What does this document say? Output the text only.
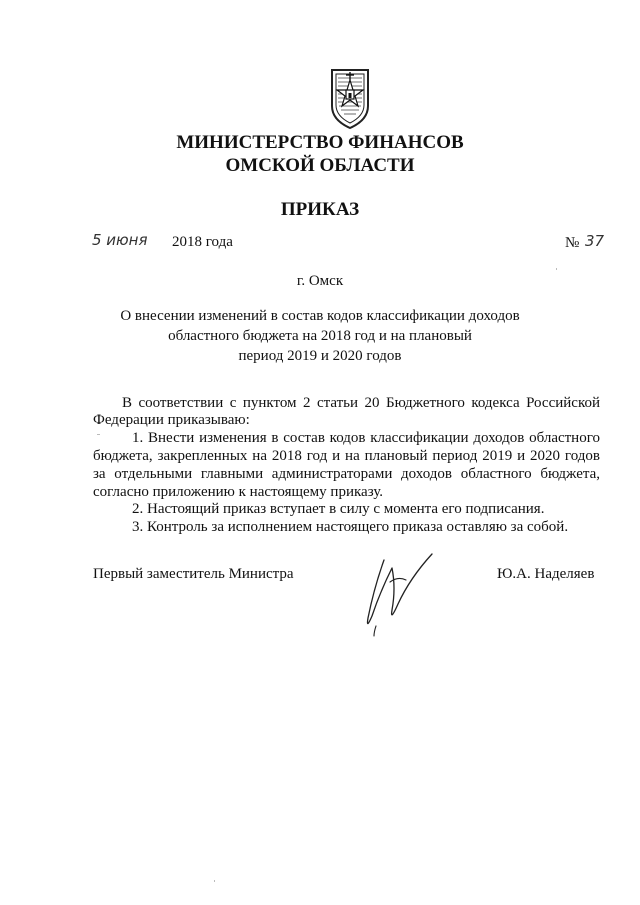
МИНИСТЕРСТВО ФИНАНСОВ
ОМСКОЙ ОБЛАСТИ
ПРИКАЗ
5 июня 2018 года	№ 37
г. Омск
О внесении изменений в состав кодов классификации доходов
областного бюджета на 2018 год и на плановый
период 2019 и 2020 годов
В соответствии с пунктом 2 статьи 20 Бюджетного кодекса Российской
Федерации приказываю:
1. Внести изменения в состав кодов классификации доходов областного
бюджета, закрепленных на 2018 год и на плановый период 2019 и 2020 годов
за отдельными главными администраторами доходов областного бюджета,
согласно приложению к настоящему приказу.
2. Настоящий приказ вступает в силу с момента его подписания.
3. Контроль за исполнением настоящего приказа оставляю за собой.
Первый заместитель Министра	Ю.А. Наделяев
